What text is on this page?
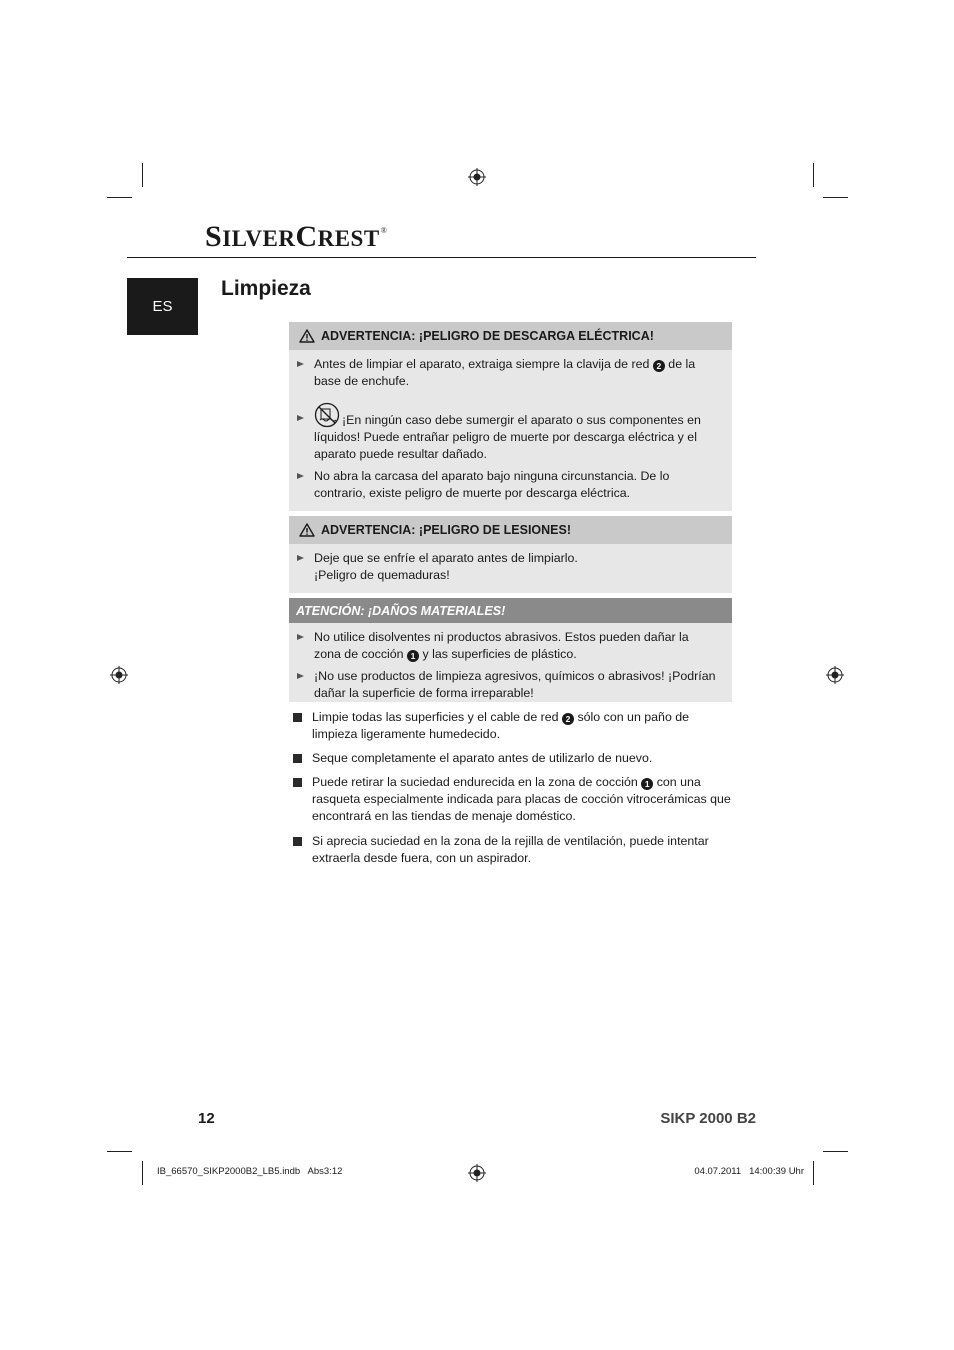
SILVERCREST®
ES
Limpieza
ADVERTENCIA: ¡PELIGRO DE DESCARGA ELÉCTRICA!
Antes de limpiar el aparato, extraiga siempre la clavija de red 2 de la base de enchufe.
¡En ningún caso debe sumergir el aparato o sus componentes en líquidos! Puede entrañar peligro de muerte por descarga eléctrica y el aparato puede resultar dañado.
No abra la carcasa del aparato bajo ninguna circunstancia. De lo contrario, existe peligro de muerte por descarga eléctrica.
ADVERTENCIA: ¡PELIGRO DE LESIONES!
Deje que se enfríe el aparato antes de limpiarlo.
¡Peligro de quemaduras!
ATENCIÓN: ¡DAÑOS MATERIALES!
No utilice disolventes ni productos abrasivos. Estos pueden dañar la zona de cocción 1 y las superficies de plástico.
¡No use productos de limpieza agresivos, químicos o abrasivos! ¡Podrían dañar la superficie de forma irreparable!
Limpie todas las superficies y el cable de red 2 sólo con un paño de limpieza ligeramente humedecido.
Seque completamente el aparato antes de utilizarlo de nuevo.
Puede retirar la suciedad endurecida en la zona de cocción 1 con una rasqueta especialmente indicada para placas de cocción vitrocerámicas que encontrará en las tiendas de menaje doméstico.
Si aprecia suciedad en la zona de la rejilla de ventilación, puede intentar extraerla desde fuera, con un aspirador.
12	SIKP 2000 B2
IB_66570_SIKP2000B2_LB5.indb   Abs3:12	04.07.2011   14:00:39 Uhr
